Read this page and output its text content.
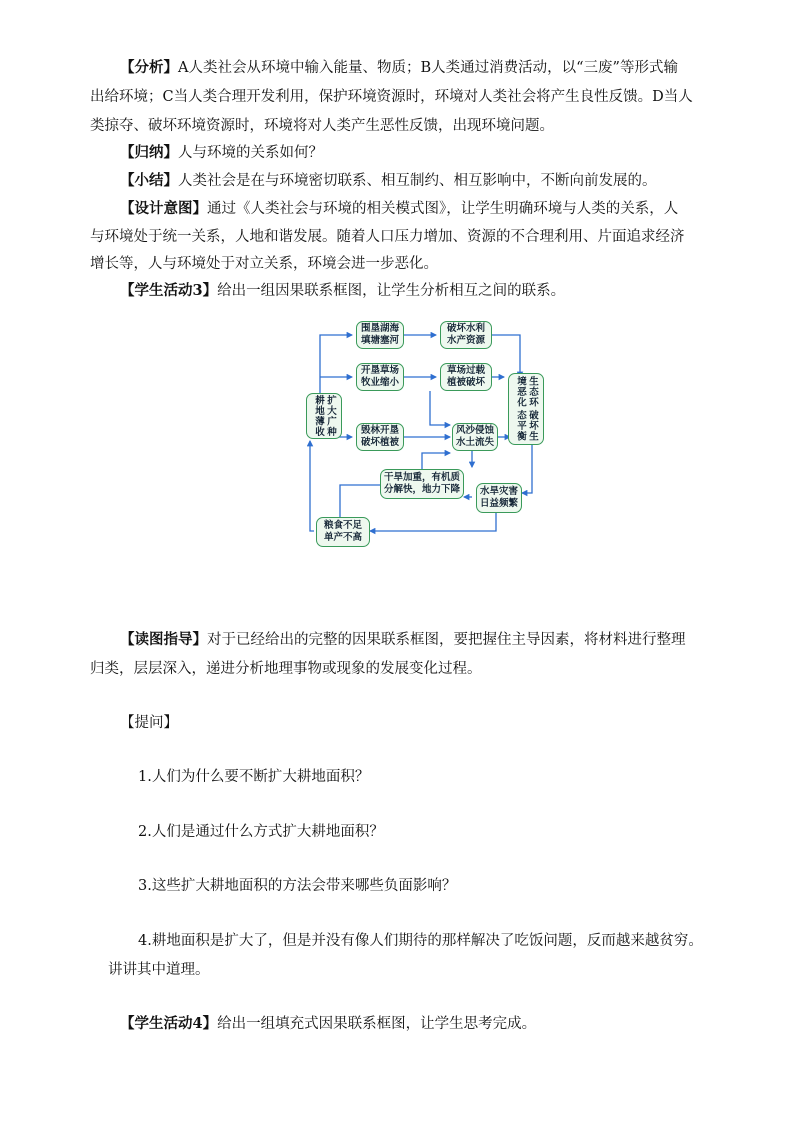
【分析】A人类社会从环境中输入能量、物质；B人类通过消费活动，以“三废”等形式输
出给环境；C当人类合理开发利用，保护环境资源时，环境对人类社会将产生良性反馈。D当人
类掠夺、破坏环境资源时，环境将对人类产生恶性反馈，出现环境问题。
【归纳】人与环境的关系如何？
【小结】人类社会是在与环境密切联系、相互制约、相互影响中，不断向前发展的。
【设计意图】通过《人类社会与环境的相关模式图》，让学生明确环境与人类的关系，人
与环境处于统一关系，人地和谐发展。随着人口压力增加、资源的不合理利用、片面追求经济
增长等，人与环境处于对立关系，环境会进一步恶化。
【学生活动3】给出一组因果联系框图，让学生分析相互之间的联系。
围垦湖海 填塘塞河
破坏水利 水产资源
开垦草场 牧业缩小
草场过载 植被破坏
扩大耕地
广种薄收
生态环境恶化
破坏生态平衡
毁林开垦 破坏植被
风沙侵蚀 水土流失
干旱加重，有机质 分解快，地力下降	水旱灾害 日益频繁
粮食不足 单产不高
【读图指导】对于已经给出的完整的因果联系框图，要把握住主导因素，将材料进行整理
归类，层层深入，递进分析地理事物或现象的发展变化过程。
【提问】
1.人们为什么要不断扩大耕地面积？
2.人们是通过什么方式扩大耕地面积？
3.这些扩大耕地面积的方法会带来哪些负面影响？
4.耕地面积是扩大了，但是并没有像人们期待的那样解决了吃饭问题，反而越来越贫穷。
讲讲其中道理。
【学生活动4】给出一组填充式因果联系框图，让学生思考完成。
